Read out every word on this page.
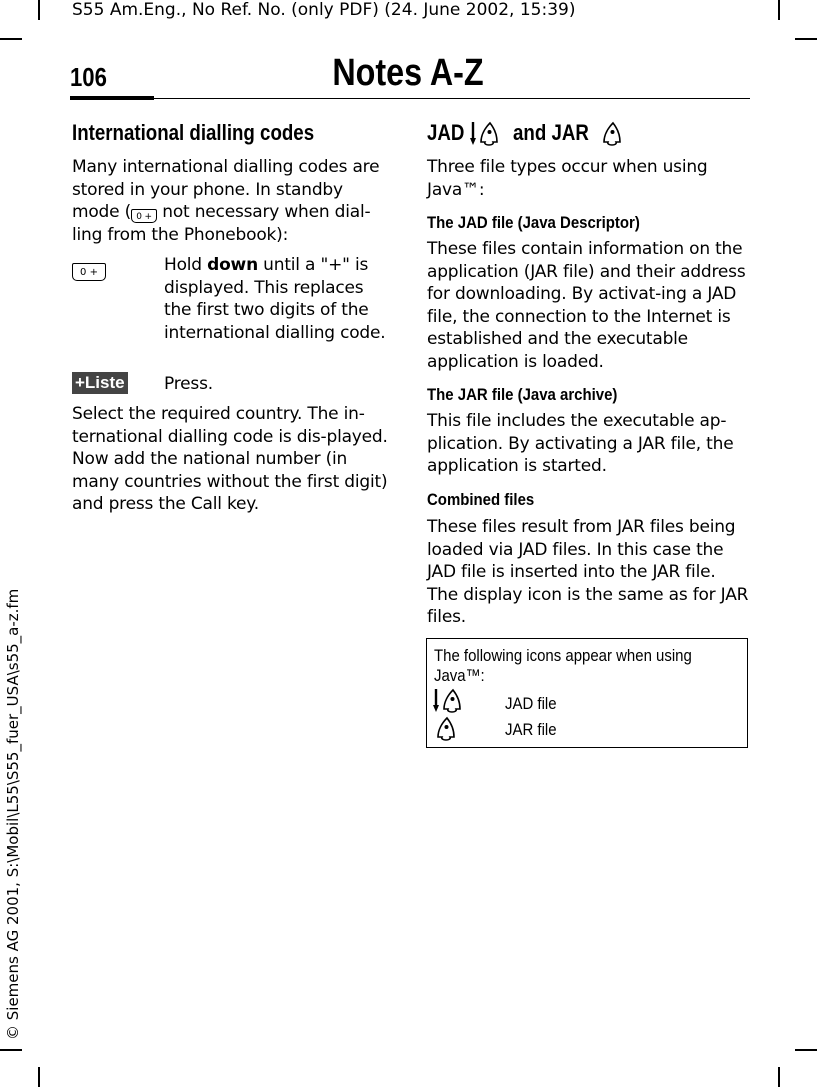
S55 Am.Eng., No Ref. No. (only PDF) (24. June 2002, 15:39)
106	Notes A-Z
© Siemens AG 2001, S:\Mobil\L55\S55_fuer_USA\s55_a-z.fm
International dialling codes
Many international dialling codes are stored in your phone. In standby mode ( 0 + not necessary when dial-ling from the Phonebook):
0 +	Hold down until a "+" is displayed. This replaces the first two digits of the international dialling code.
+Liste Press.
Select the required country. The in-ternational dialling code is dis-played. Now add the national number (in many countries without the first digit) and press the Call key.
JAD and JAR
Three file types occur when using Java™:
The JAD file (Java Descriptor)
These files contain information on the application (JAR file) and their address for downloading. By activat-ing a JAD file, the connection to the Internet is established and the executable application is loaded.
The JAR file (Java archive)
This file includes the executable ap-plication. By activating a JAR file, the application is started.
Combined files
These files result from JAR files being loaded via JAD files. In this case the JAD file is inserted into the JAR file. The display icon is the same as for JAR files.
The following icons appear when using Java™:
JAD file
JAR file
